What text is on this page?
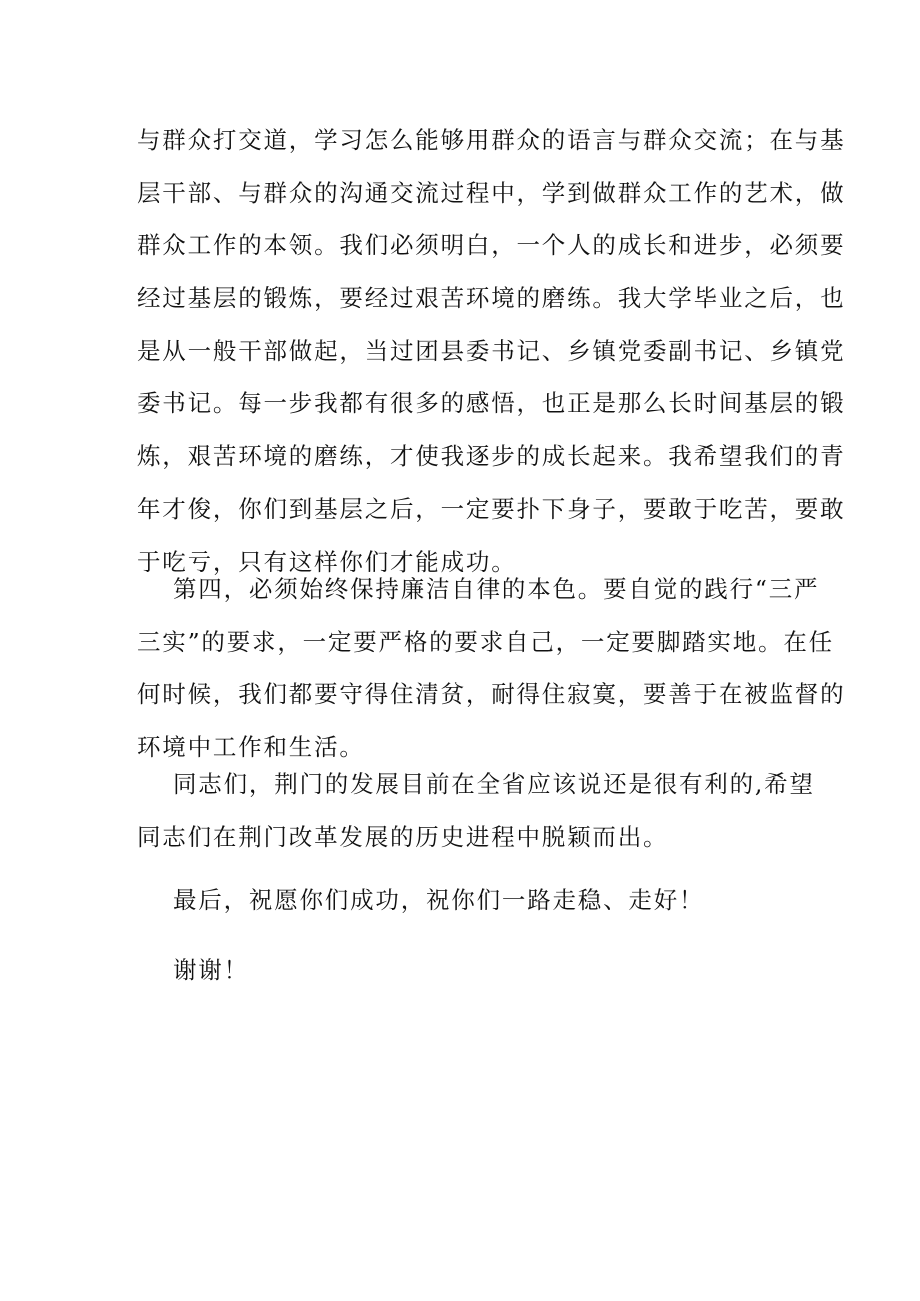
与群众打交道，学习怎么能够用群众的语言与群众交流；在与基
层干部、与群众的沟通交流过程中，学到做群众工作的艺术，做
群众工作的本领。我们必须明白，一个人的成长和进步，必须要
经过基层的锻炼，要经过艰苦环境的磨练。我大学毕业之后，也
是从一般干部做起，当过团县委书记、乡镇党委副书记、乡镇党
委书记。每一步我都有很多的感悟，也正是那么长时间基层的锻
炼，艰苦环境的磨练，才使我逐步的成长起来。我希望我们的青
年才俊，你们到基层之后，一定要扑下身子，要敢于吃苦，要敢
于吃亏，只有这样你们才能成功。
第四，必须始终保持廉洁自律的本色。要自觉的践行“三严
三实”的要求，一定要严格的要求自己，一定要脚踏实地。在任
何时候，我们都要守得住清贫，耐得住寂寞，要善于在被监督的
环境中工作和生活。
同志们，荆门的发展目前在全省应该说还是很有利的,希望
同志们在荆门改革发展的历史进程中脱颖而出。
最后，祝愿你们成功，祝你们一路走稳、走好！
谢谢！
